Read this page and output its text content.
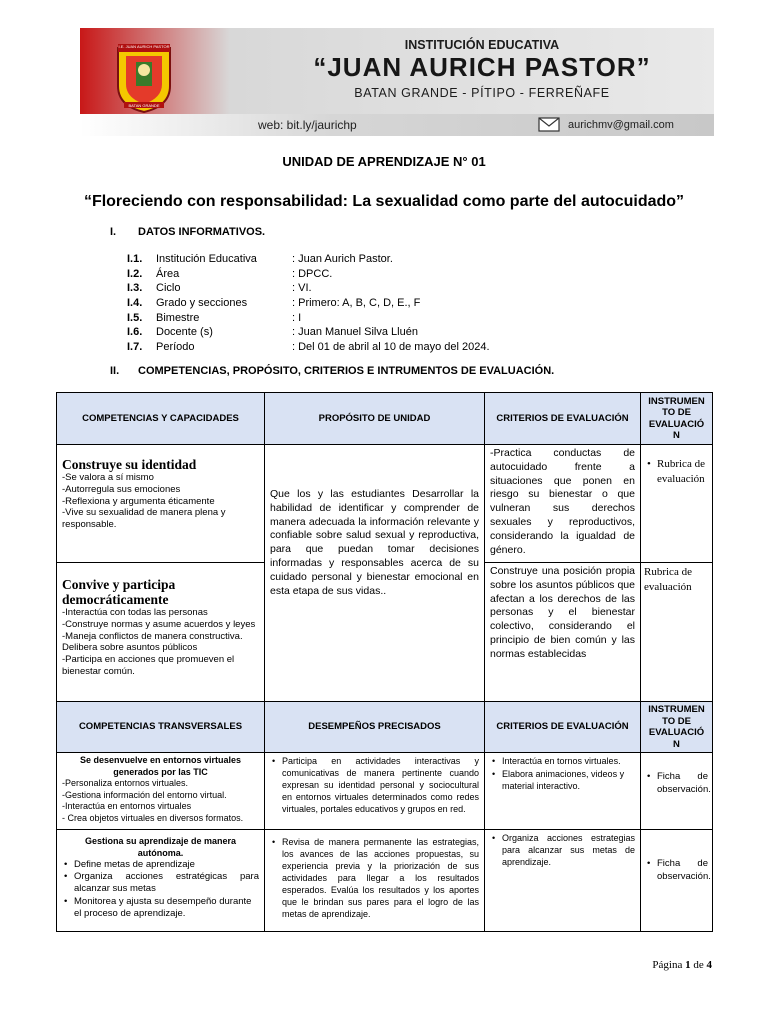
I.E. JUAN AURICH PASTOR
BATAN GRANDE
INSTITUCIÓN EDUCATIVA
“JUAN AURICH PASTOR”
BATAN GRANDE - PÍTIPO - FERREÑAFE
web: bit.ly/jaurichp	aurichmv@gmail.com
UNIDAD DE APRENDIZAJE N° 01
“Floreciendo con responsabilidad: La sexualidad como parte del autocuidado”
I. DATOS INFORMATIVOS.
I.1.	Institución Educativa	: Juan Aurich Pastor.
I.2.	Área	: DPCC.
I.3.	Ciclo	: VI.
I.4.	Grado y secciones	: Primero: A, B, C, D, E., F
I.5.	Bimestre	: I
I.6.	Docente (s)	: Juan Manuel Silva Lluén
I.7.	Período	: Del 01 de abril al 10 de mayo del 2024.
II. COMPETENCIAS, PROPÓSITO, CRITERIOS E INTRUMENTOS DE EVALUACIÓN.
COMPETENCIAS Y CAPACIDADES	PROPÓSITO DE UNIDAD	CRITERIOS DE EVALUACIÓN
INSTRUMEN
TO DE
EVALUACIÓ
N
Construye su identidad
-Se valora a sí mismo
-Autorregula sus emociones
-Reflexiona y argumenta éticamente
-Vive su sexualidad de manera plena y responsable.
Que los y las estudiantes Desarrollar la habilidad de identificar y comprender de manera adecuada la información relevante y confiable sobre salud sexual y reproductiva, para que puedan tomar decisiones informadas y responsables acerca de su cuidado personal y bienestar emocional en esta etapa de sus vidas..
-Practica conductas de autocuidado frente a situaciones que ponen en riesgo su bienestar o que vulneran sus derechos sexuales y reproductivos, considerando la igualdad de género.
• Rubrica de evaluación
Convive y participa democráticamente
-Interactúa con todas las personas
-Construye normas y asume acuerdos y leyes
-Maneja conflictos de manera constructiva. Delibera sobre asuntos públicos
-Participa en acciones que promueven el bienestar común.
Construye una posición propia sobre los asuntos públicos que afectan a los derechos de las personas y el bienestar colectivo, considerando el principio de bien común y las normas establecidas
Rubrica de evaluación
COMPETENCIAS TRANSVERSALES	DESEMPEÑOS PRECISADOS	CRITERIOS DE EVALUACIÓN
INSTRUMEN
TO DE
EVALUACIÓ
N
Se desenvuelve en entornos virtuales generados por las TIC
-Personaliza entornos virtuales.
-Gestiona información del entorno virtual.
-Interactúa en entornos virtuales
- Crea objetos virtuales en diversos formatos.
• Participa en actividades interactivas y comunicativas de manera pertinente cuando expresan su identidad personal y sociocultural en entornos virtuales determinados como redes virtuales, portales educativos y grupos en red.
• Interactúa en tornos virtuales.
• Elabora animaciones, videos y material interactivo.
• Ficha de observación.
Gestiona su aprendizaje de manera autónoma.
• Define metas de aprendizaje
• Organiza acciones estratégicas para alcanzar sus metas
• Monitorea y ajusta su desempeño durante el proceso de aprendizaje.
• Revisa de manera permanente las estrategias, los avances de las acciones propuestas, su experiencia previa y la priorización de sus actividades para llegar a los resultados esperados. Evalúa los resultados y los aportes que le brindan sus pares para el logro de las metas de aprendizaje.
• Organiza acciones estrategias para alcanzar sus metas de aprendizaje.
•	Ficha de observación.
Página 1 de 4
